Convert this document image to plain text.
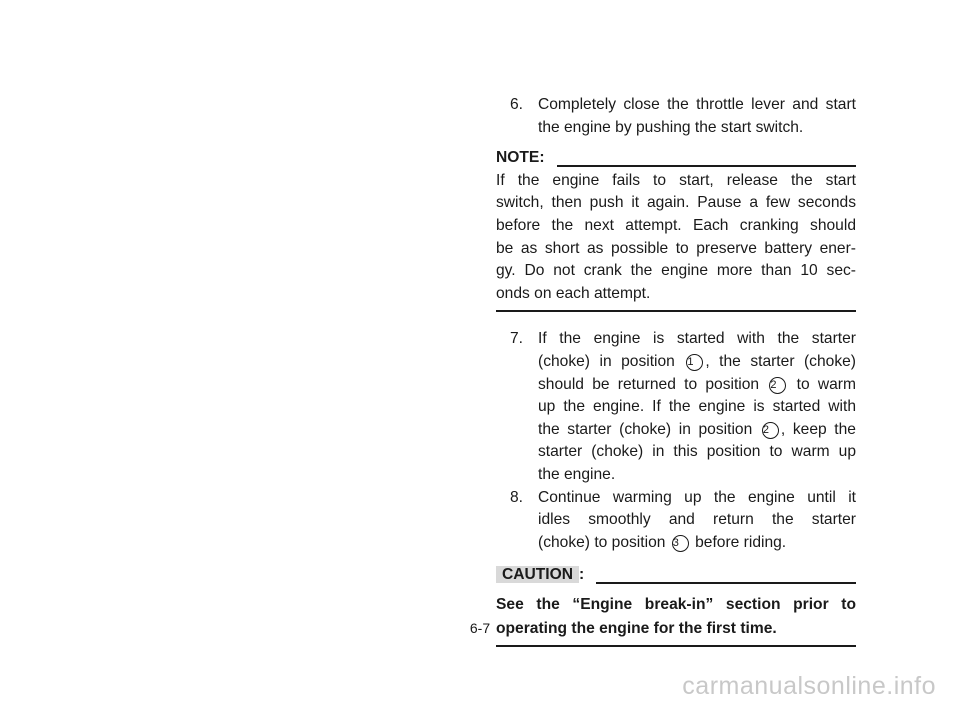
6. Completely close the throttle lever and start
the engine by pushing the start switch.
NOTE:
If the engine fails to start, release the start
switch, then push it again. Pause a few seconds
before the next attempt. Each cranking should
be as short as possible to preserve battery ener-
gy. Do not crank the engine more than 10 sec-
onds on each attempt.
7. If the engine is started with the starter
(choke) in position 1 , the starter (choke)
should be returned to position 2 to warm
up the engine. If the engine is started with
the starter (choke) in position 2 , keep the
starter (choke) in this position to warm up
the engine.
8. Continue warming up the engine until it
idles smoothly and return the starter
(choke) to position 3 before riding.
CAUTION :
See the “Engine break-in” section prior to
operating the engine for the first time.
6-7
carmanualsonline.info
